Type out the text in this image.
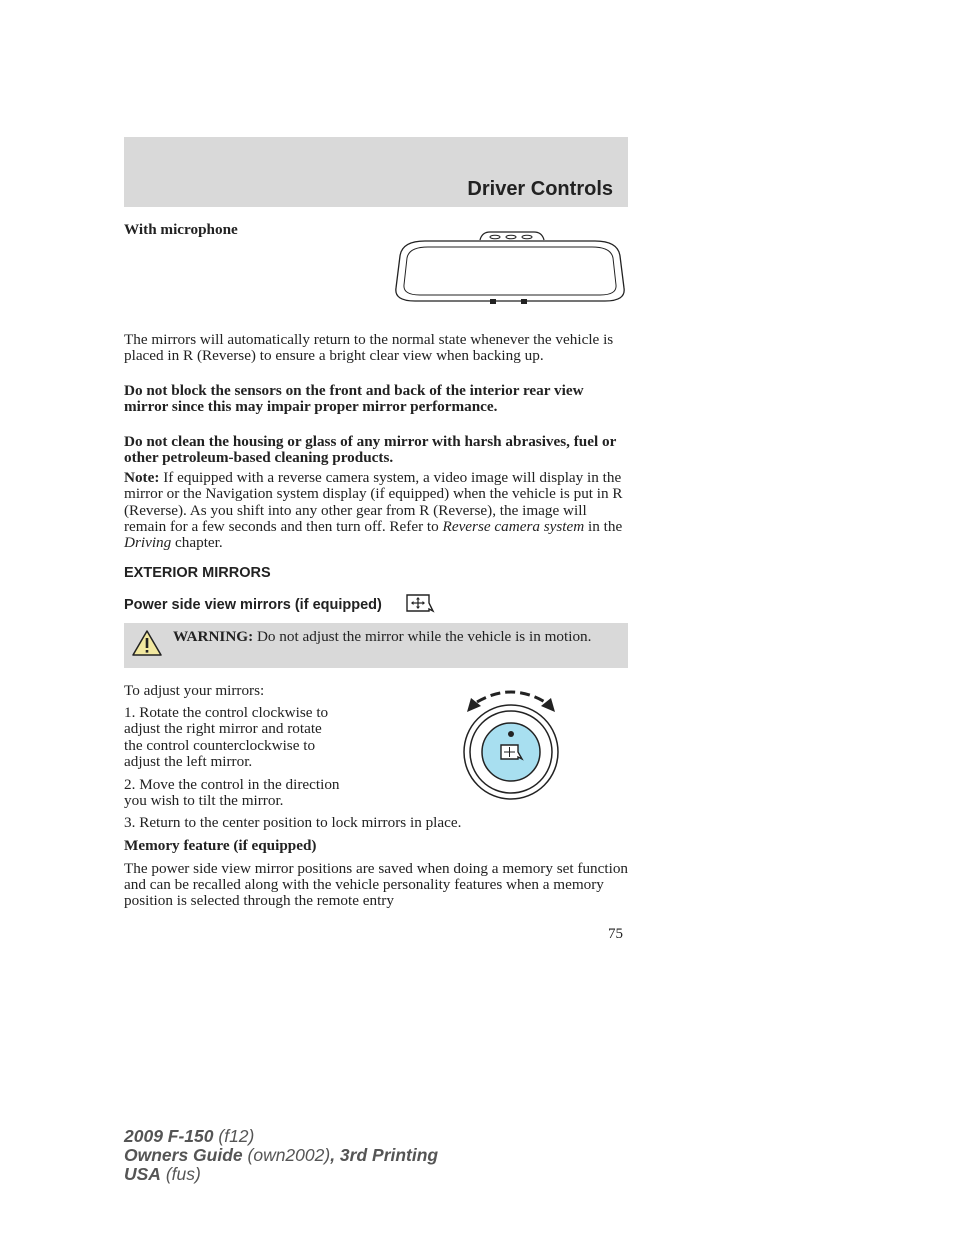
Driver Controls
With microphone
The mirrors will automatically return to the normal state whenever the vehicle is placed in R (Reverse) to ensure a bright clear view when backing up.
Do not block the sensors on the front and back of the interior rear view mirror since this may impair proper mirror performance.
Do not clean the housing or glass of any mirror with harsh abrasives, fuel or other petroleum-based cleaning products.
Note: If equipped with a reverse camera system, a video image will display in the mirror or the Navigation system display (if equipped) when the vehicle is put in R (Reverse). As you shift into any other gear from R (Reverse), the image will remain for a few seconds and then turn off. Refer to Reverse camera system in the Driving chapter.
EXTERIOR MIRRORS
Power side view mirrors (if equipped)
WARNING: Do not adjust the mirror while the vehicle is in motion.
To adjust your mirrors:
1. Rotate the control clockwise to
adjust the right mirror and rotate
the control counterclockwise to
adjust the left mirror.
2. Move the control in the direction
you wish to tilt the mirror.
3. Return to the center position to lock mirrors in place.
Memory feature (if equipped)
The power side view mirror positions are saved when doing a memory set function and can be recalled along with the vehicle personality features when a memory position is selected through the remote entry
75
2009 F-150 (f12)
Owners Guide (own2002), 3rd Printing
USA (fus)
